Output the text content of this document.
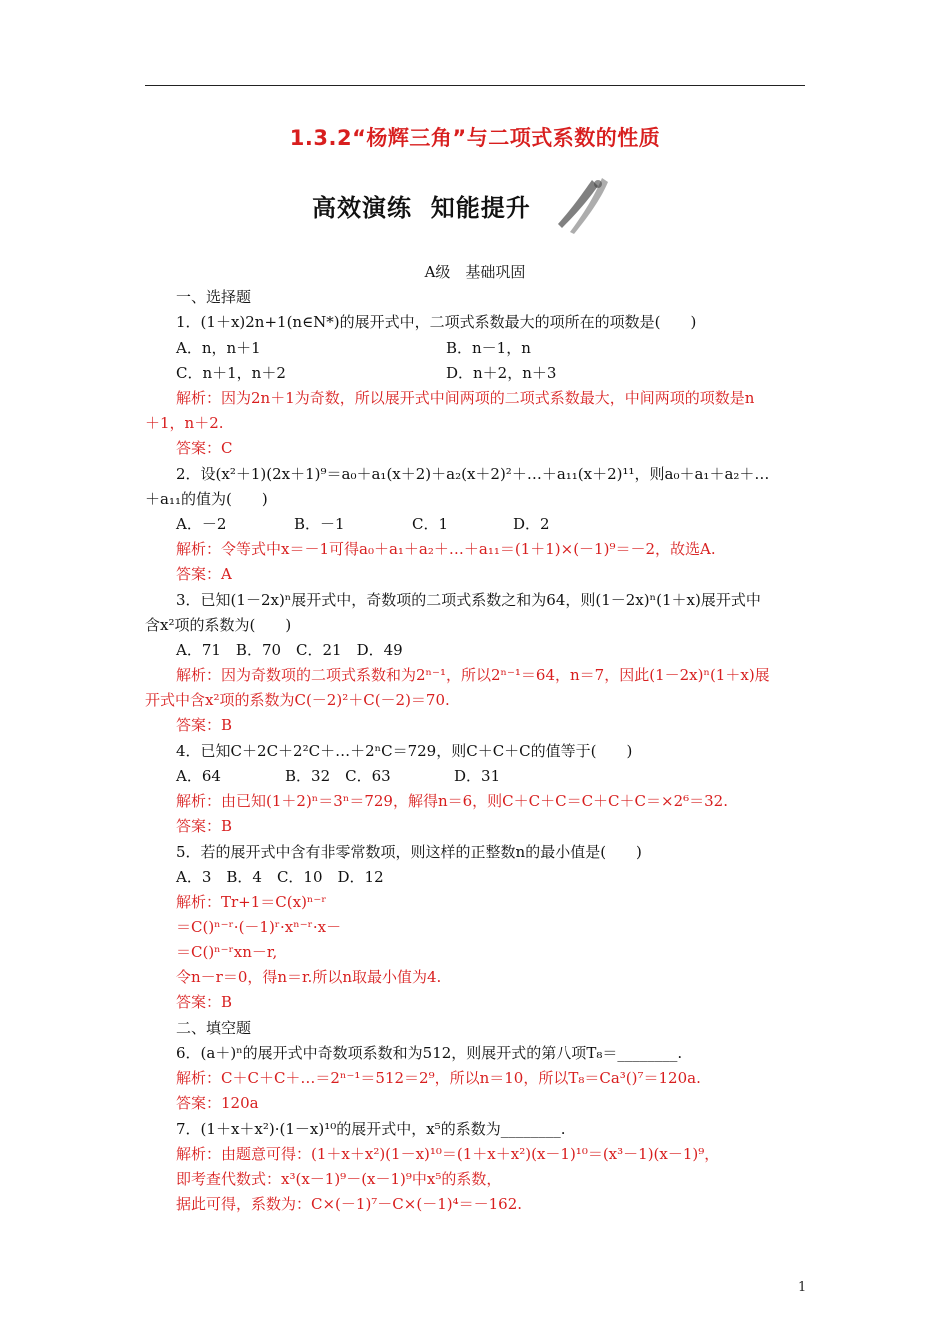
1.3.2“杨辉三角”与二项式系数的性质
高效演练  知能提升
A级　基础巩固
一、选择题
1．(1＋x)2n+1(n∈N*)的展开式中，二项式系数最大的项所在的项数是(　　)
A．n，n＋1	B．n－1，n
C．n＋1，n＋2	D．n＋2，n＋3
解析：因为2n＋1为奇数，所以展开式中间两项的二项式系数最大，中间两项的项数是n
＋1，n＋2.
答案：C
2．设(x²＋1)(2x＋1)⁹＝a₀＋a₁(x＋2)＋a₂(x＋2)²＋…＋a₁₁(x＋2)¹¹，则a₀＋a₁＋a₂＋…
＋a₁₁的值为(　　)
A．－2	B．－1	C．1	D．2
解析：令等式中x＝－1可得a₀＋a₁＋a₂＋…＋a₁₁＝(1＋1)×(－1)⁹＝－2，故选A.
答案：A
3．已知(1－2x)ⁿ展开式中，奇数项的二项式系数之和为64，则(1－2x)ⁿ(1＋x)展开式中
含x²项的系数为(　　)
A．71　B．70　C．21　D．49
解析：因为奇数项的二项式系数和为2ⁿ⁻¹，所以2ⁿ⁻¹＝64，n＝7，因此(1－2x)ⁿ(1＋x)展
开式中含x²项的系数为C(－2)²＋C(－2)＝70.
答案：B
4．已知C＋2C＋2²C＋…＋2ⁿC＝729，则C＋C＋C的值等于(　　)
A．64	B．32　C．63	D．31
解析：由已知(1＋2)ⁿ＝3ⁿ＝729，解得n＝6，则C＋C＋C＝C＋C＋C＝×2⁶＝32.
答案：B
5．若的展开式中含有非零常数项，则这样的正整数n的最小值是(　　)
A．3　B．4　C．10　D．12
解析：Tr+1＝C(x)ⁿ⁻ʳ
＝C()ⁿ⁻ʳ·(－1)ʳ·xⁿ⁻ʳ·x－
＝C()ⁿ⁻ʳxn－r,
令n－r＝0，得n＝r.所以n取最小值为4.
答案：B
二、填空题
6．(a＋)ⁿ的展开式中奇数项系数和为512，则展开式的第八项T₈＝________.
解析：C＋C＋C＋…＝2ⁿ⁻¹＝512＝2⁹，所以n＝10，所以T₈＝Ca³()⁷＝120a.
答案：120a
7．(1＋x＋x²)·(1－x)¹⁰的展开式中，x⁵的系数为________.
解析：由题意可得：(1＋x＋x²)(1－x)¹⁰＝(1＋x＋x²)(x－1)¹⁰＝(x³－1)(x－1)⁹，
即考查代数式：x³(x－1)⁹－(x－1)⁹中x⁵的系数，
据此可得，系数为：C×(－1)⁷－C×(－1)⁴＝－162.
1
